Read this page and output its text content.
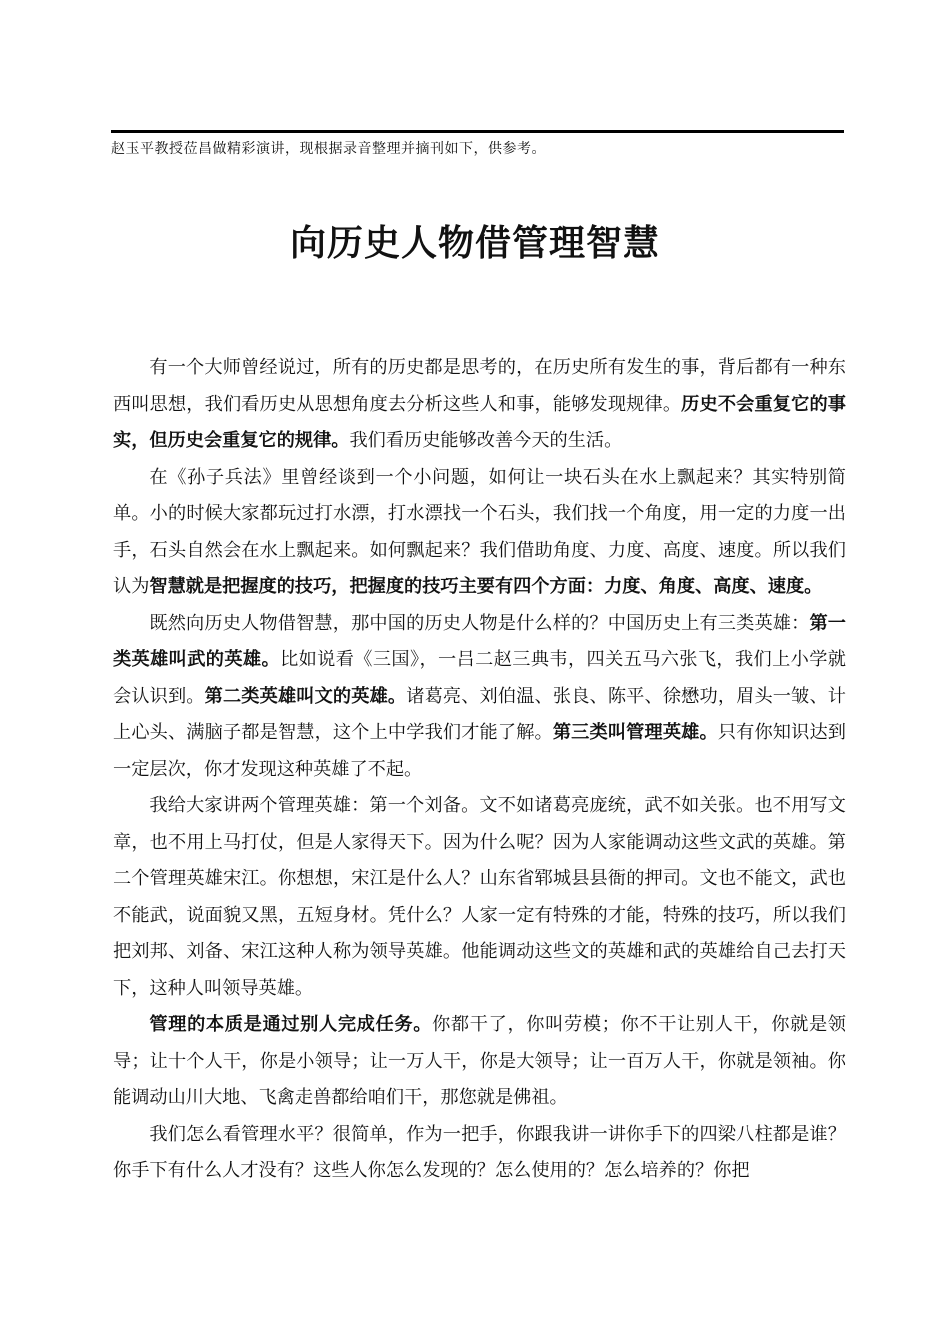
赵玉平教授莅昌做精彩演讲，现根据录音整理并摘刊如下，供参考。
向历史人物借管理智慧

有一个大师曾经说过，所有的历史都是思考的，在历史所有发生的事，背后都有一种东西叫思想，我们看历史从思想角度去分析这些人和事，能够发现规律。历史不会重复它的事实，但历史会重复它的规律。我们看历史能够改善今天的生活。

在《孙子兵法》里曾经谈到一个小问题，如何让一块石头在水上飘起来？其实特别简单。小的时候大家都玩过打水漂，打水漂找一个石头，我们找一个角度，用一定的力度一出手，石头自然会在水上飘起来。如何飘起来？我们借助角度、力度、高度、速度。所以我们认为智慧就是把握度的技巧，把握度的技巧主要有四个方面：力度、角度、高度、速度。

既然向历史人物借智慧，那中国的历史人物是什么样的？中国历史上有三类英雄：第一类英雄叫武的英雄。比如说看《三国》，一吕二赵三典韦，四关五马六张飞，我们上小学就会认识到。第二类英雄叫文的英雄。诸葛亮、刘伯温、张良、陈平、徐懋功，眉头一皱、计上心头、满脑子都是智慧，这个上中学我们才能了解。第三类叫管理英雄。只有你知识达到一定层次，你才发现这种英雄了不起。

我给大家讲两个管理英雄：第一个刘备。文不如诸葛亮庞统，武不如关张。也不用写文章，也不用上马打仗，但是人家得天下。因为什么呢？因为人家能调动这些文武的英雄。第二个管理英雄宋江。你想想，宋江是什么人？山东省郓城县县衙的押司。文也不能文，武也不能武，说面貌又黑，五短身材。凭什么？人家一定有特殊的才能，特殊的技巧，所以我们把刘邦、刘备、宋江这种人称为领导英雄。他能调动这些文的英雄和武的英雄给自己去打天下，这种人叫领导英雄。

管理的本质是通过别人完成任务。你都干了，你叫劳模；你不干让别人干，你就是领导；让十个人干，你是小领导；让一万人干，你是大领导；让一百万人干，你就是领袖。你能调动山川大地、飞禽走兽都给咱们干，那您就是佛祖。

我们怎么看管理水平？很简单，作为一把手，你跟我讲一讲你手下的四梁八柱都是谁？你手下有什么人才没有？这些人你怎么发现的？怎么使用的？怎么培养的？你把
